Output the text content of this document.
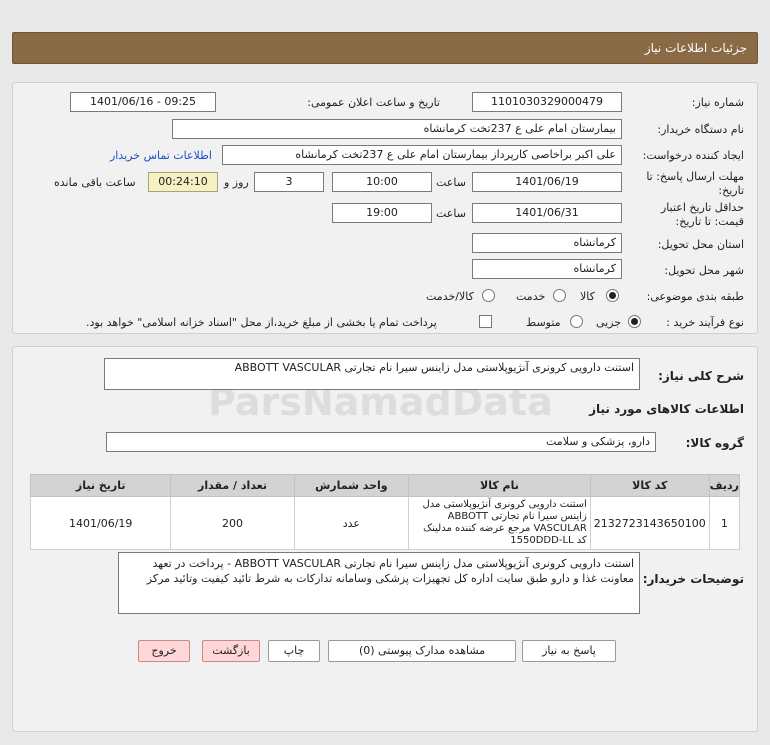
جزئیات اطلاعات نیاز
شماره نیاز:
1101030329000479
تاریخ و ساعت اعلان عمومی:
1401/06/16 - 09:25
نام دستگاه خریدار:
بیمارستان امام علی ع 237تخت کرمانشاه
ایجاد کننده درخواست:
علی اکبر براخاصی کارپرداز بیمارستان امام علی ع 237تخت کرمانشاه
اطلاعات تماس خریدار
مهلت ارسال پاسخ: تا
تاریخ:
1401/06/19
ساعت
10:00
3
روز و
00:24:10
ساعت باقی مانده
حداقل تاریخ اعتبار
قیمت: تا تاریخ:
1401/06/31
ساعت
19:00
استان محل تحویل:
کرمانشاه
شهر محل تحویل:
کرمانشاه
طبقه بندی موضوعی:
کالا
خدمت
کالا/خدمت
نوع فرآیند خرید :
جزیی
متوسط
پرداخت تمام یا بخشی از مبلغ خرید،از محل "اسناد خزانه اسلامی" خواهد بود.
شرح کلی نیاز:
استنت دارویی کرونری آنژیوپلاستی مدل زاینس سیرا نام تجارتی ABBOTT VASCULAR
اطلاعات کالاهای مورد نیاز
گروه کالا:
دارو، پزشکی و سلامت
ردیف	کد کالا	نام کالا	واحد شمارش	تعداد / مقدار	تاریخ نیاز
1	2132723143650100	استنت دارویی کرونری آنژیوپلاستی مدل زاینس سیرا نام تجارتی ABBOTT VASCULAR مرجع عرضه کننده مدلینک کد 1550DDD-LL	عدد	200	1401/06/19
توضیحات خریدار:
استنت دارویی کرونری آنژیوپلاستی مدل زاینس سیرا نام تجارتی ABBOTT VASCULAR - پرداخت در تعهد معاونت غذا و دارو طبق سایت اداره کل تجهیزات پزشکی وسامانه تدارکات به شرط تائید کیفیت وتائید مرکز
پاسخ به نیاز
مشاهده مدارک پیوستی (0)
چاپ
بازگشت
خروج
